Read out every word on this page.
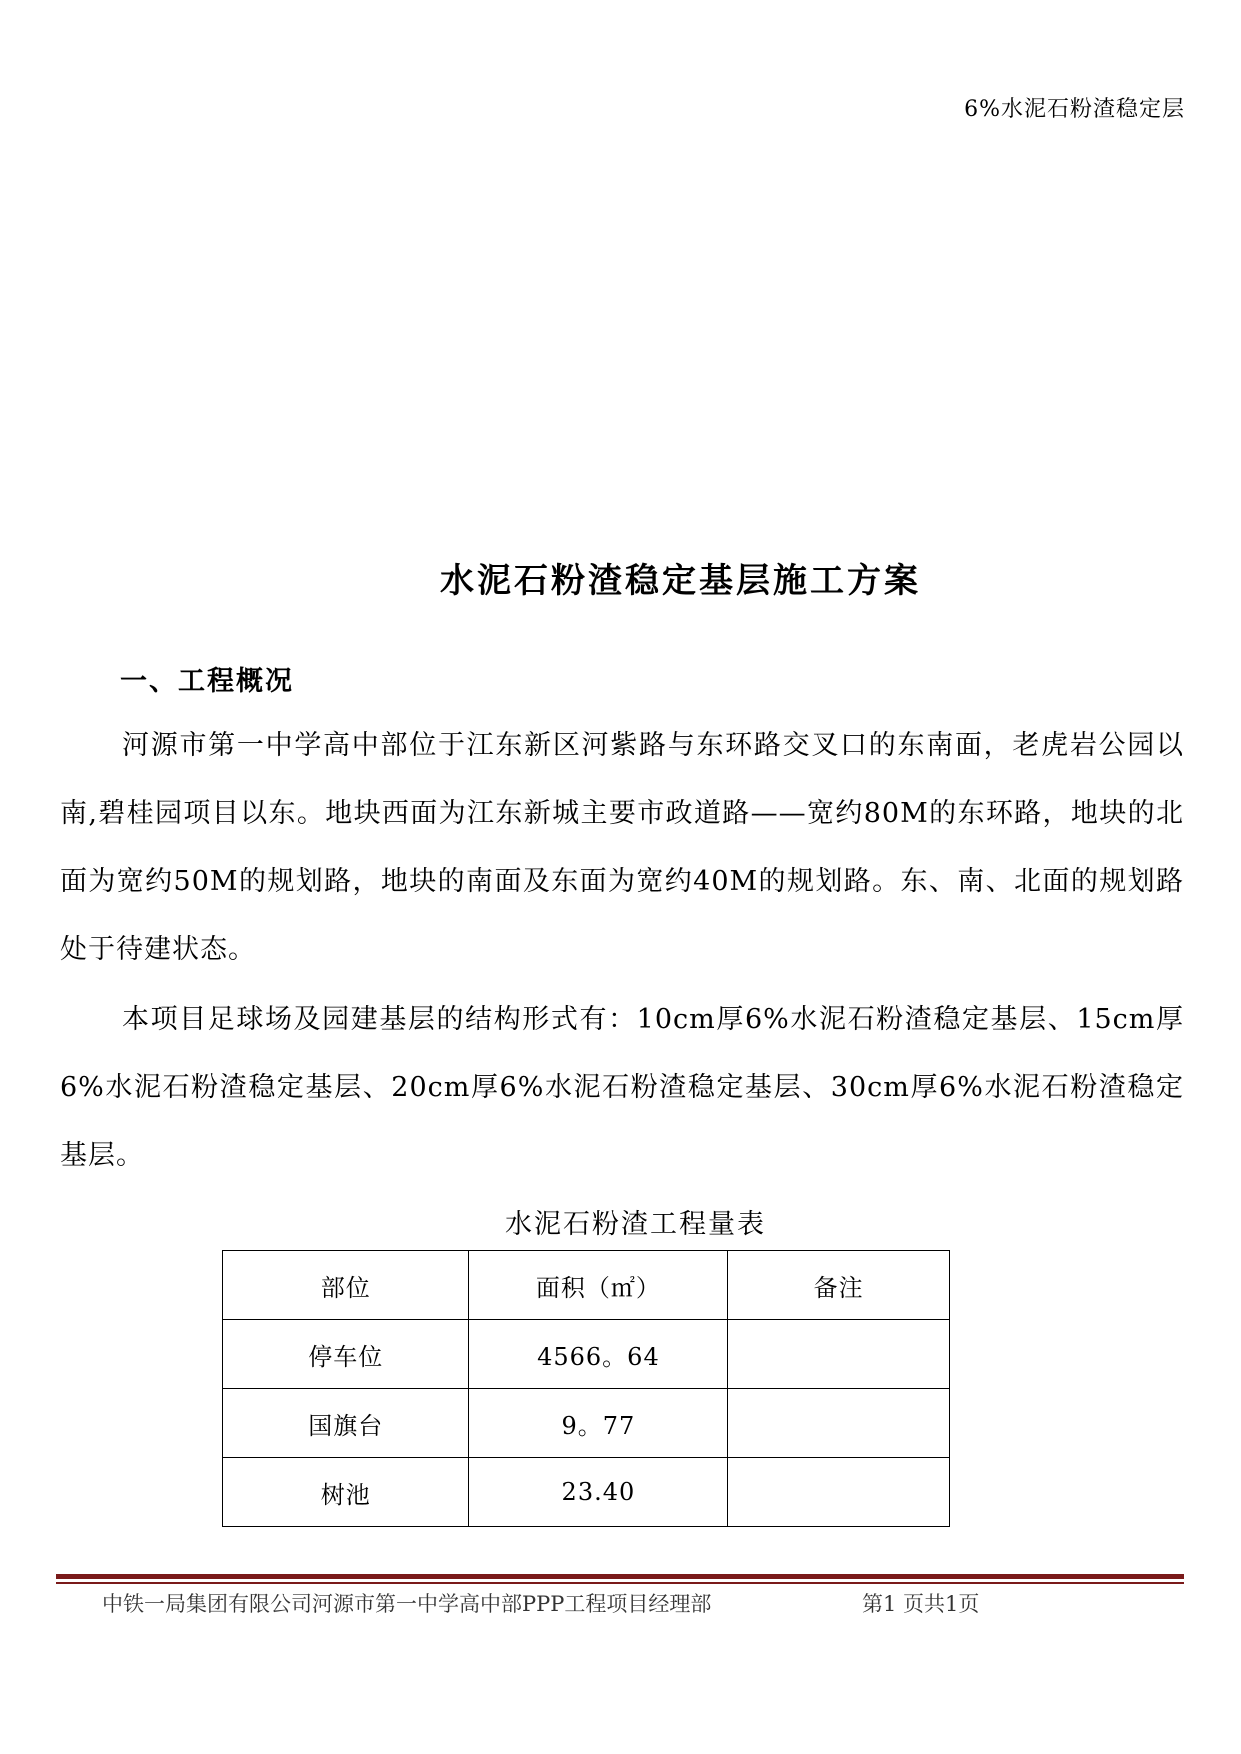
6%水泥石粉渣稳定层
水泥石粉渣稳定基层施工方案
一、工程概况

河源市第一中学高中部位于江东新区河紫路与东环路交叉口的东南面，老虎岩公园以南,碧桂园项目以东。地块西面为江东新城主要市政道路——宽约80M的东环路，地块的北面为宽约50M的规划路，地块的南面及东面为宽约40M的规划路。东、南、北面的规划路处于待建状态。

本项目足球场及园建基层的结构形式有：10cm厚6%水泥石粉渣稳定基层、15cm厚6%水泥石粉渣稳定基层、20cm厚6%水泥石粉渣稳定基层、30cm厚6%水泥石粉渣稳定基层。

水泥石粉渣工程量表
部位	面积（㎡）	备注
停车位	4566。64	
国旗台	9。77	
树池	23.40	
中铁一局集团有限公司河源市第一中学高中部PPP工程项目经理部	第1 页共1页
